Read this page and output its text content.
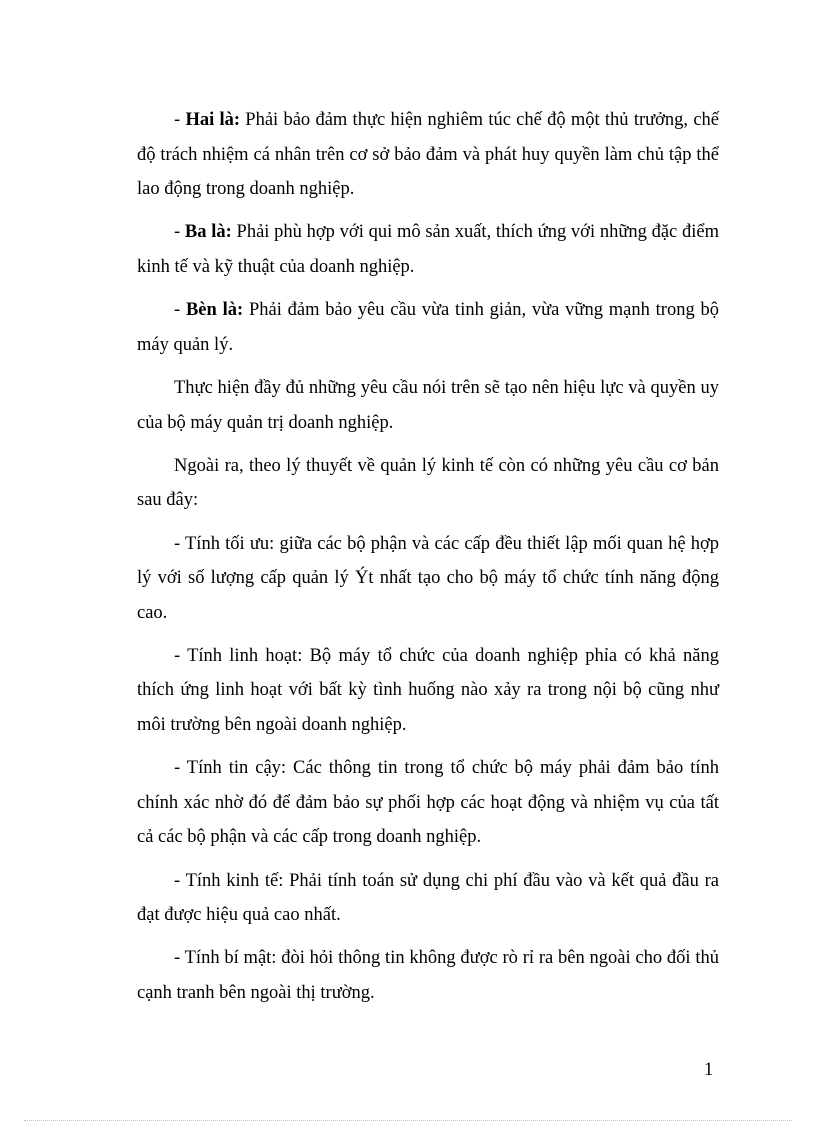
- Hai là: Phải bảo đảm thực hiện nghiêm túc chế độ một thủ trưởng, chế độ trách nhiệm cá nhân trên cơ sở bảo đảm và phát huy quyền làm chủ tập thể lao động trong doanh nghiệp.

- Ba là: Phải phù hợp với qui mô sản xuất, thích ứng với những đặc điểm kinh tế và kỹ thuật của doanh nghiệp.

- Bèn là: Phải đảm bảo yêu cầu vừa tinh giản, vừa vững mạnh trong bộ máy quản lý.

Thực hiện đầy đủ những yêu cầu nói trên sẽ tạo nên hiệu lực và quyền uy của bộ máy quản trị doanh nghiệp.

Ngoài ra, theo lý thuyết về quản lý kinh tế còn có những yêu cầu cơ bản sau đây:

- Tính tối ưu: giữa các bộ phận và các cấp đều thiết lập mối quan hệ hợp lý với số lượng cấp quản lý Ýt nhất tạo cho bộ máy tổ chức tính năng động cao.

- Tính linh hoạt: Bộ máy tổ chức của doanh nghiệp phỉa có khả năng thích ứng linh hoạt với bất kỳ tình huống nào xảy ra trong nội bộ cũng như môi trường bên ngoài doanh nghiệp.

- Tính tin cậy: Các thông tin trong tổ chức bộ máy phải đảm bảo tính chính xác nhờ đó để đảm bảo sự phối hợp các hoạt động và nhiệm vụ của tất cả các bộ phận và các cấp trong doanh nghiệp.

- Tính kinh tế: Phải tính toán sử dụng chi phí đầu vào và kết quả đầu ra đạt được hiệu quả cao nhất.

- Tính bí mật: đòi hỏi thông tin không được rò rỉ ra bên ngoài cho đối thủ cạnh tranh bên ngoài thị trường.

1
